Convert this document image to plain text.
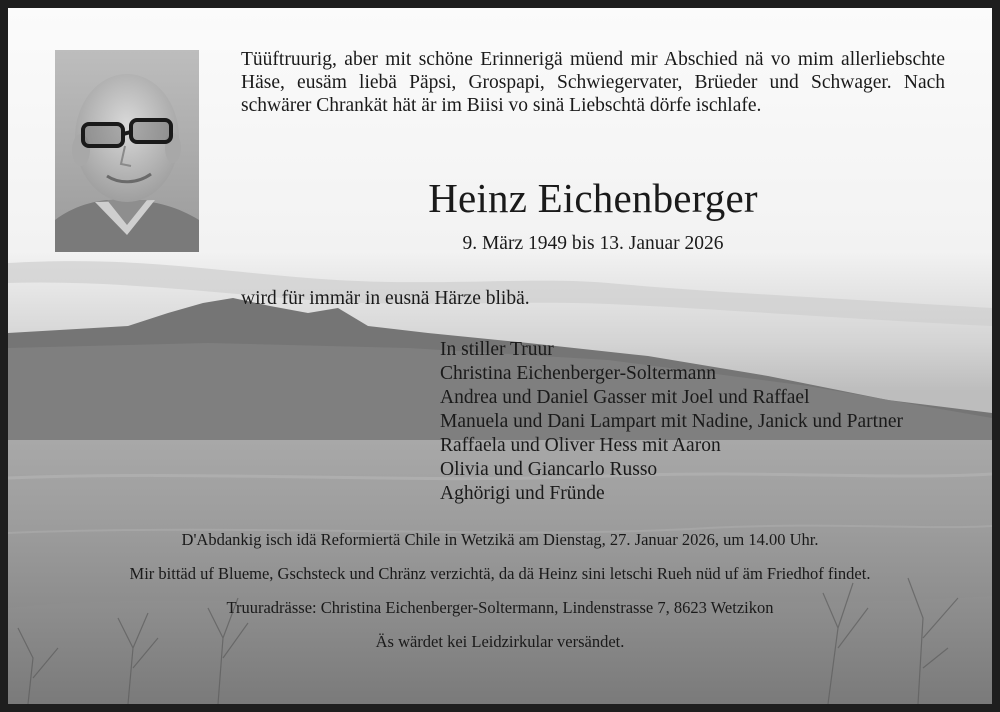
Tüüftruurig, aber mit schöne Erinnerigä müend mir Abschied nä vo mim allerliebschte Häse, eusäm liebä Päpsi, Grospapi, Schwiegervater, Brüeder und Schwager. Nach schwärer Chrankät hät är im Biisi vo sinä Liebschtä dörfe ischlafe.
Heinz Eichenberger
9. März 1949 bis 13. Januar 2026
wird für immär in eusnä Härze blibä.
In stiller Truur
Christina Eichenberger-Soltermann
Andrea und Daniel Gasser mit Joel und Raffael
Manuela und Dani Lampart mit Nadine, Janick und Partner
Raffaela und Oliver Hess mit Aaron
Olivia und Giancarlo Russo
Aghörigi und Fründe
D'Abdankig isch idä Reformiertä Chile in Wetzikä am Dienstag, 27. Januar 2026, um 14.00 Uhr.
Mir bittäd uf Blueme, Gschsteck und Chränz verzichtä, da dä Heinz sini letschi Rueh nüd uf äm Friedhof findet.
Truuradrässe: Christina Eichenberger-Soltermann, Lindenstrasse 7, 8623 Wetzikon
Äs wärdet kei Leidzirkular versändet.
